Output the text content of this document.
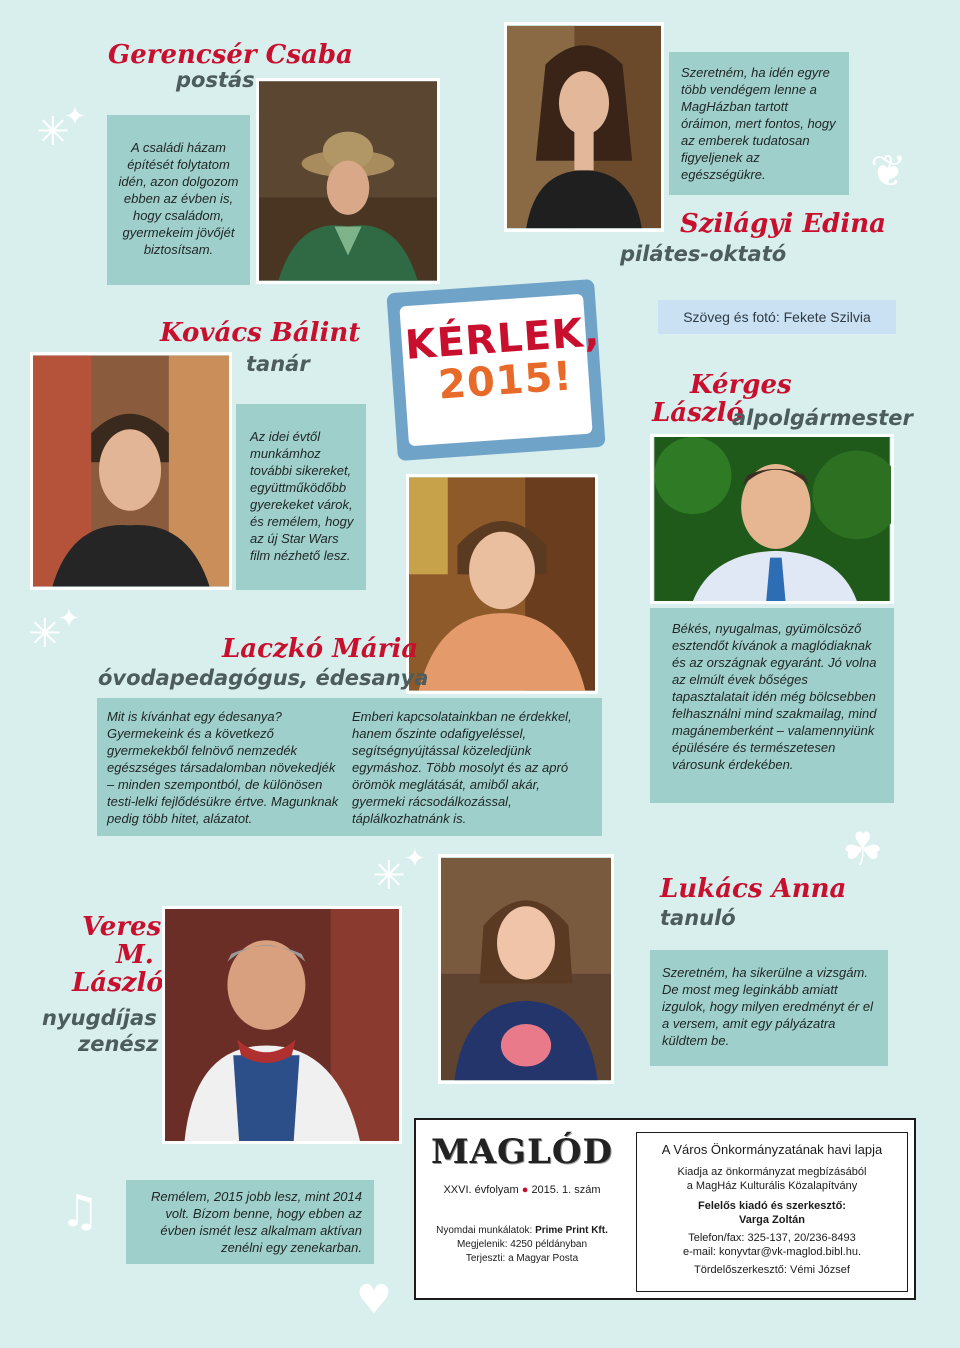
✳
✦
✳
✦
✳
✦
❦
☘
♫
♥
Gerencsér Csaba
postás
A családi házam építését folytatom idén, azon dolgozom ebben az évben is, hogy családom, gyermekeim jövőjét biztosítsam.
Szeretném, ha idén egyre több vendégem lenne a MagHázban tartott óráimon, mert fontos, hogy az emberek tudatosan figyeljenek az egészségükre.
Szilágyi Edina
pilátes-oktató
Kovács Bálint
tanár
Az idei évtől munkámhoz további sikereket, együttműködőbb gyerekeket várok, és remélem, hogy az új Star Wars film nézhető lesz.
KÉRLEK,
2015!
Szöveg és fotó: Fekete Szilvia
Kérges
László
alpolgármester
Békés, nyugalmas, gyümölcsöző esztendőt kívánok a maglódiaknak és az országnak egyaránt. Jó volna az elmúlt évek bőséges tapasztalatait idén még bölcsebben felhasználni mind szakmailag, mind magánemberként – valamennyiünk épülésére és természetesen városunk érdekében.
Laczkó Mária
óvodapedagógus, édesanya
Mit is kívánhat egy édesanya? Gyermekeink és a következő gyermekekből felnövő nemzedék egészséges társadalomban növekedjék – minden szempontból, de különösen testi-lelki fejlődésükre értve. Magunknak pedig több hitet, alázatot.
Emberi kapcsolatainkban ne érdekkel, hanem őszinte odafigyeléssel, segítségnyújtással közeledjünk egymáshoz. Több mosolyt és az apró örömök meglátását, amiből akár, gyermeki rácsodálkozással, táplálkozhatnánk is.
Veres
M.
László
nyugdíjas
zenész
Remélem, 2015 jobb lesz, mint 2014 volt. Bízom benne, hogy ebben az évben ismét lesz alkalmam aktívan zenélni egy zenekarban.
Lukács Anna
tanuló
Szeretném, ha sikerülne a vizsgám. De most meg leginkább amiatt izgulok, hogy milyen eredményt ér el a versem, amit egy pályázatra küldtem be.
MAGLÓD
XXVI. évfolyam ● 2015. 1. szám
Nyomdai munkálatok: Prime Print Kft.
Megjelenik: 4250 példányban
Terjeszti: a Magyar Posta
A Város Önkormányzatának havi lapja
Kiadja az önkormányzat megbízásából
a MagHáz Kulturális Közalapítvány
Felelős kiadó és szerkesztő:
Varga Zoltán
Telefon/fax: 325-137, 20/236-8493
e-mail: konyvtar@vk-maglod.bibl.hu.
Tördelőszerkesztő: Vémi József
